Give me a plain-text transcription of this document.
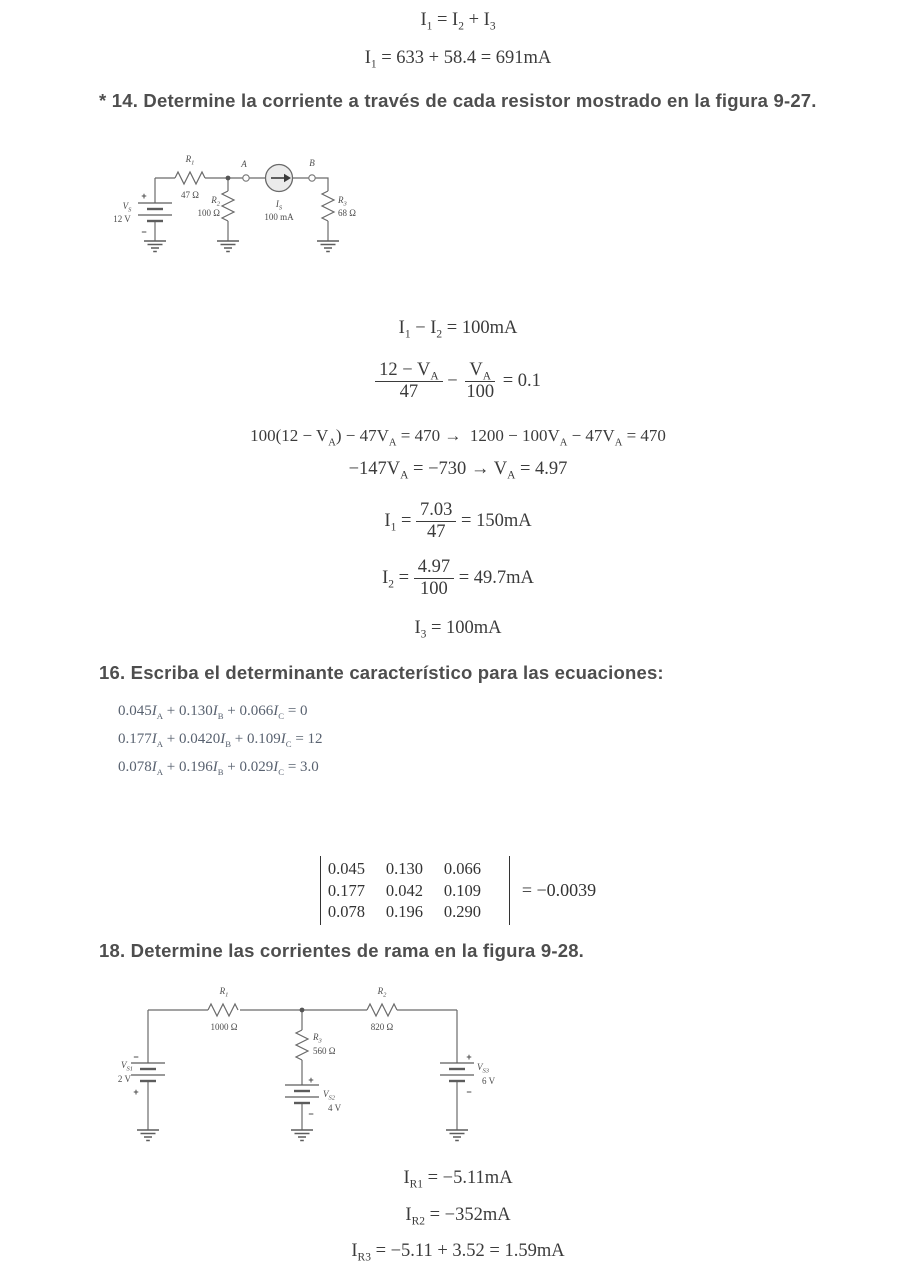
$I_1 = I_2 + I_3$
$I_1 = 633 + 58.4 = 691mA$
* 14. Determine la corriente a través de cada resistor mostrado en la figura 9-27.
$R_1$
47 Ω $R_2$
100 Ω
$R_3$
68 Ω
$I_S$
100 mA
A	B
$V_S$
12 V
+
−
$I_1 - I_2 = 100mA$
$\frac{12 - V_A}{47} - \frac{V_A}{100} = 0.1$
$100(12 - V_A) - 47V_A = 470 \to 1200 - 100V_A - 47V_A = 470$
$-147V_A = -730 \to V_A = 4.97$
$I_1 = \frac{7.03}{47} = 150mA$
$I_2 = \frac{4.97}{100} = 49.7mA$
$I_3 = 100mA$
16. Escriba el determinante característico para las ecuaciones:

$0.045I_A + 0.130I_B + 0.066I_C = 0$

$0.177I_A + 0.0420I_B + 0.109I_C = 12$

$0.078I_A + 0.196I_B + 0.029I_C = 3.0$

0.045	0.130	0.066
0.177	0.042	0.109
0.078	0.196	0.290
= −0.0039
18. Determine las corrientes de rama en la figura 9-28.
$R_1$
1000 Ω
$R_2$
820 Ω
$R_3$
560 Ω
−
$V_{S1}$
2 V
+
+
$V_{S2}$
4 V
−
+
$V_{S3}$
6 V
−
$I_{R1} = -5.11mA$
$I_{R2} = -352mA$
$I_{R3} = -5.11 + 3.52 = 1.59mA$
